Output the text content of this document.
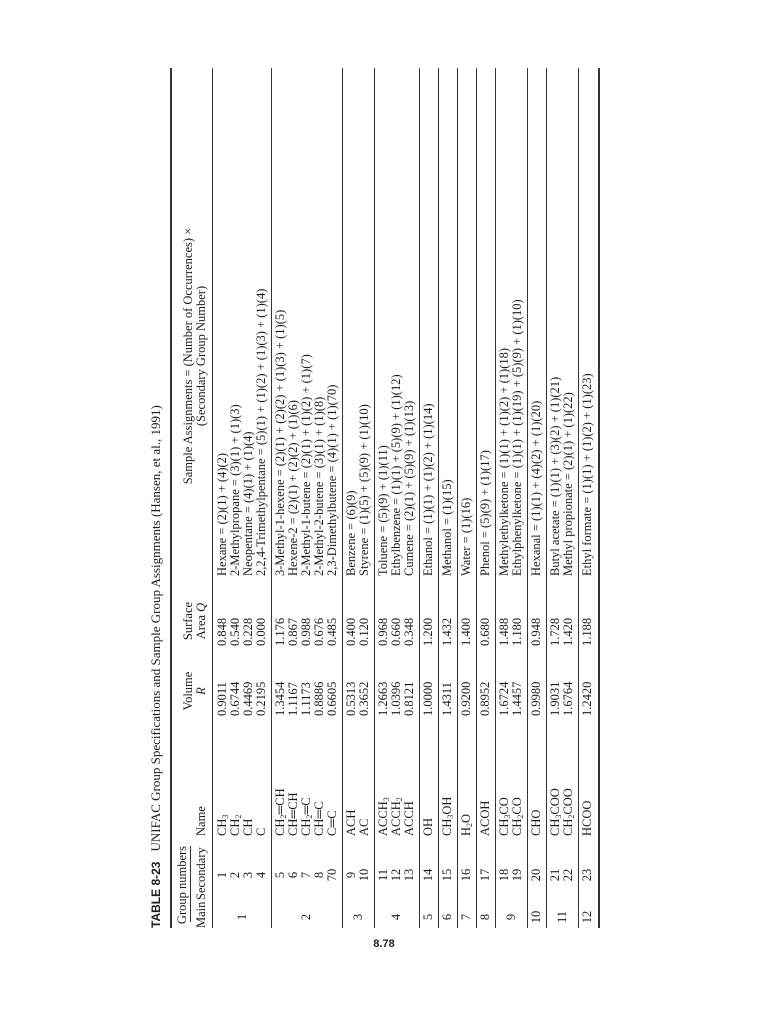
TABLE 8-23UNIFAC Group Specifications and Sample Group Assignments (Hansen, et al., 1991)
Group numbers Main
Secondary
Name
Volume R
Surface Area Q
Sample Assignments = (Number of Occurrences) × (Secondary Group Number)
1
1 2 3 4
$CH_3$
$CH_2$
CH C
0.9011 0.6744 0.4469 0.2195
0.848 0.540 0.228 0.000
Hexane = (2)(1) + (4)(2) 2-Methylpropane = (3)(1) + (1)(3) Neopentane = (4)(1) + (1)(4) 2,2,4-Trimethylpentane = (5)(1) + (1)(2) + (1)(3) + (1)(4)
2
5 6 7 8 70
$CH_2═CH$ CH═CH $CH_2═C$ CH═C C═C
1.3454 1.1167 1.1173 0.8886 0.6605
1.176 0.867 0.988 0.676 0.485
3-Methyl-1-hexene = (2)(1) + (2)(2) + (1)(3) + (1)(5) Hexene-2 = (2)(1) + (2)(2) + (1)(6) 2-Methyl-1-butene = (2)(1) + (1)(2) + (1)(7) 2-Methyl-2-butene = (3)(1) + (1)(8) 2,3-Dimethylbutene = (4)(1) + (1)(70)
3
9 10
ACH AC
0.5313 0.3652
0.400 0.120
Benzene = (6)(9) Styrene = (1)(5) + (5)(9) + (1)(10)
4
11 12 13
$ACCH_3$
$ACCH_2$
ACCH
1.2663 1.0396 0.8121
0.968 0.660 0.348
Toluene = (5)(9) + (1)(11) Ethylbenzene = (1)(1) + (5)(9) + (1)(12) Cumene = (2)(1) + (5)(9) + (1)(13)
5
14
OH
1.0000
1.200
Ethanol = (1)(1) + (1)(2) + (1)(14)
6
15
$CH_3OH$
1.4311
1.432
Methanol = (1)(15)
7
16
$H_2O$
0.9200
1.400
Water = (1)(16)
8
17
ACOH
0.8952
0.680
Phenol = (5)(9) + (1)(17)
9
18 19
$CH_3CO$
$CH_2CO$
1.6724 1.4457
1.488 1.180
Methylethylketone = (1)(1) + (1)(2) + (1)(18) Ethylphenylketone = (1)(1) + (1)(19) + (5)(9) + (1)(10)
10
20
CHO
0.9980
0.948
Hexanal = (1)(1) + (4)(2) + (1)(20)
11
21 22
$CH_3COO$
$CH_2COO$
1.9031 1.6764
1.728 1.420
Butyl acetate = (1)(1) + (3)(2) + (1)(21) Methyl propionate = (2)(1) + (1)(22)
12
23
HCOO
1.2420
1.188
Ethyl formate = (1)(1) + (1)(2) + (1)(23)
8.78
